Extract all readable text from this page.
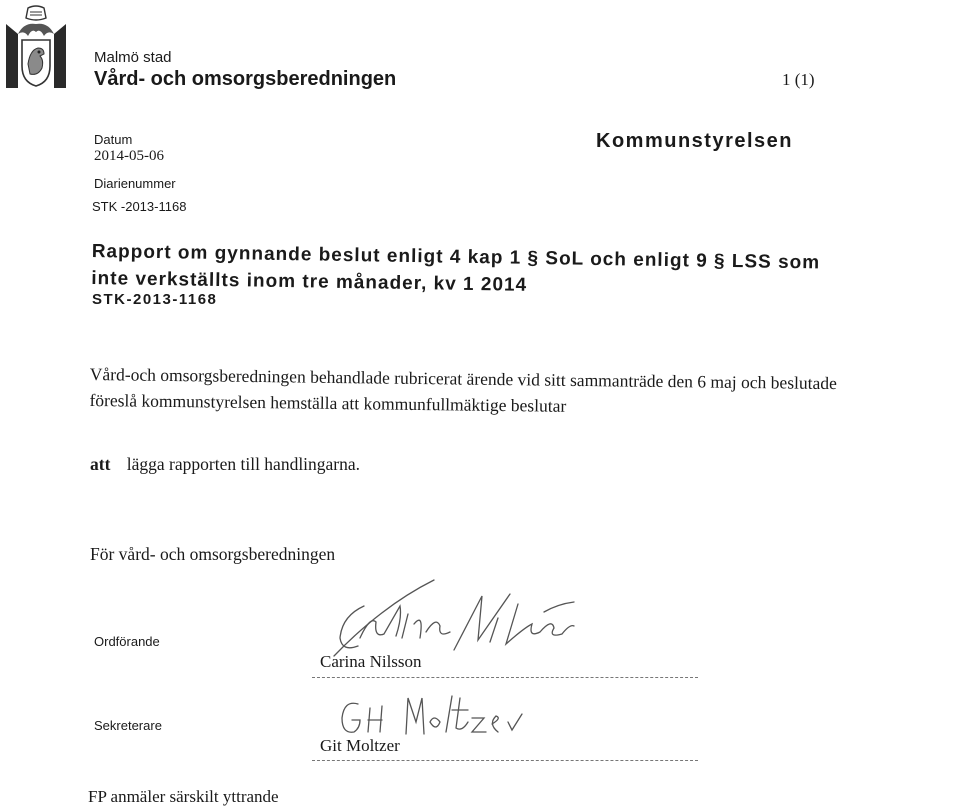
Malmö stad
Vård- och omsorgsberedningen	1 (1)
Datum
2014-05-06
Diarienummer
STK -2013-1168
Kommunstyrelsen
Rapport om gynnande beslut enligt 4 kap 1 § SoL och enligt 9 § LSS som inte verkställts inom tre månader, kv 1 2014
STK-2013-1168
Vård-och omsorgsberedningen behandlade rubricerat ärende vid sitt sammanträde den 6 maj och beslutade föreslå kommunstyrelsen hemställa att kommunfullmäktige beslutar
att lägga rapporten till handlingarna.
För vård- och omsorgsberedningen
Ordförande
Carina Nilsson
Sekreterare
Git Moltzer
FP anmäler särskilt yttrande
